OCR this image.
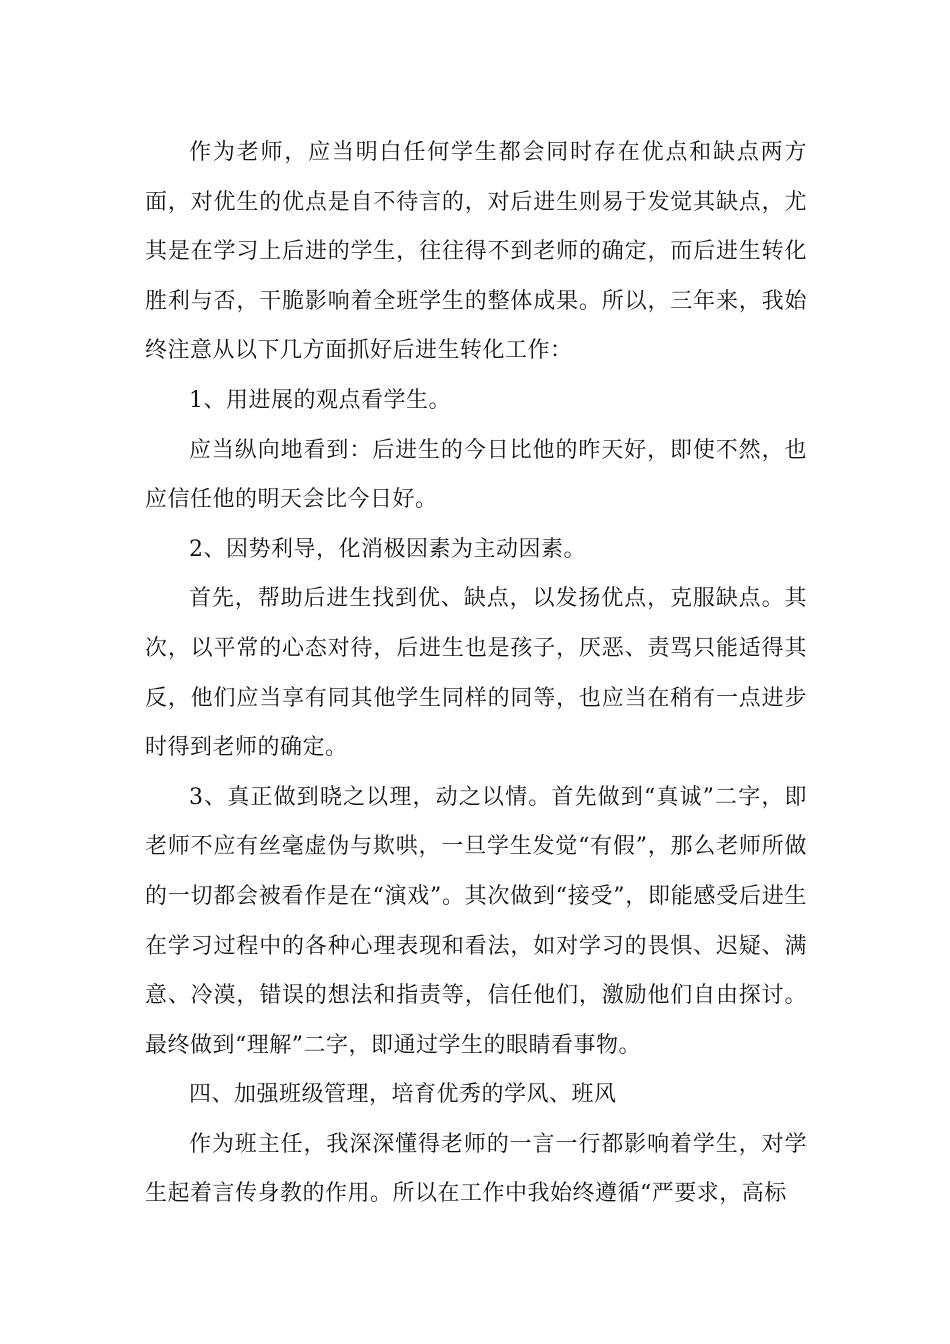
作为老师，应当明白任何学生都会同时存在优点和缺点两方面，对优生的优点是自不待言的，对后进生则易于发觉其缺点，尤其是在学习上后进的学生，往往得不到老师的确定，而后进生转化胜利与否，干脆影响着全班学生的整体成果。所以，三年来，我始终注意从以下几方面抓好后进生转化工作：

1、用进展的观点看学生。

应当纵向地看到：后进生的今日比他的昨天好，即使不然，也应信任他的明天会比今日好。

2、因势利导，化消极因素为主动因素。

首先，帮助后进生找到优、缺点，以发扬优点，克服缺点。其次，以平常的心态对待，后进生也是孩子，厌恶、责骂只能适得其反，他们应当享有同其他学生同样的同等，也应当在稍有一点进步时得到老师的确定。

3、真正做到晓之以理，动之以情。首先做到“真诚”二字，即老师不应有丝毫虚伪与欺哄，一旦学生发觉“有假”，那么老师所做的一切都会被看作是在“演戏”。其次做到“接受”，即能感受后进生在学习过程中的各种心理表现和看法，如对学习的畏惧、迟疑、满意、冷漠，错误的想法和指责等，信任他们，激励他们自由探讨。最终做到“理解”二字，即通过学生的眼睛看事物。

四、加强班级管理，培育优秀的学风、班风

作为班主任，我深深懂得老师的一言一行都影响着学生，对学生起着言传身教的作用。所以在工作中我始终遵循“严要求，高标
